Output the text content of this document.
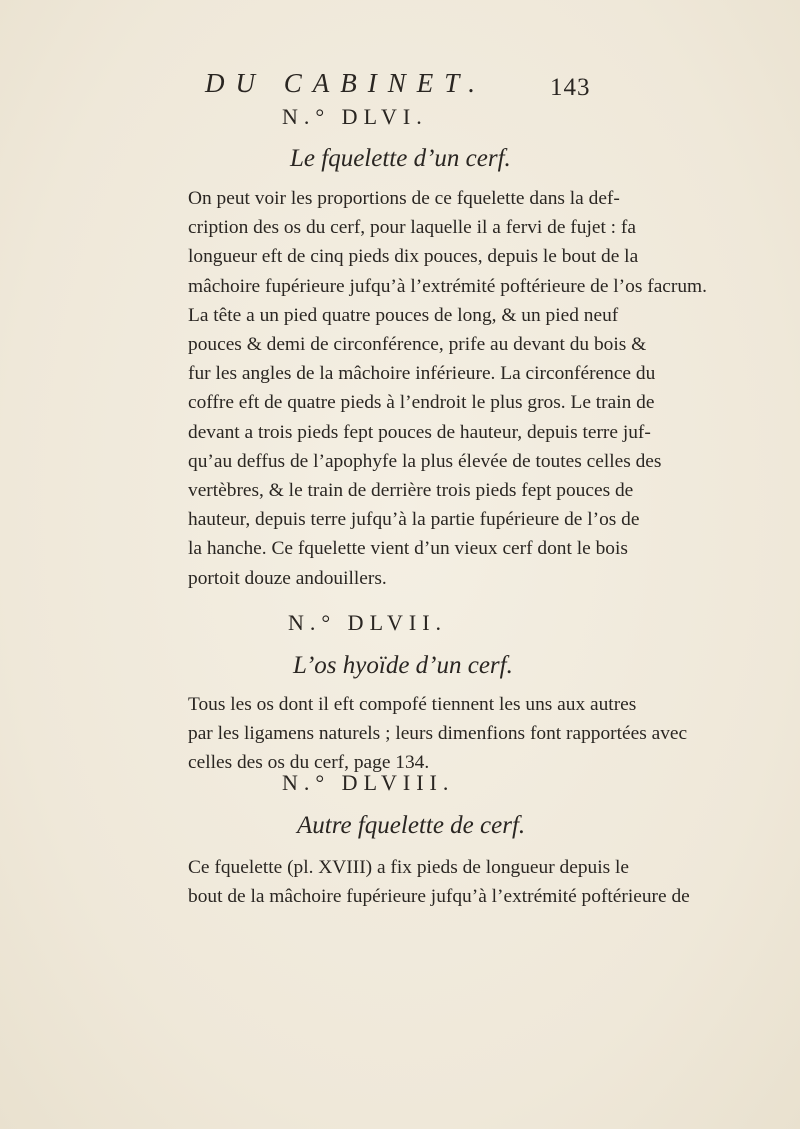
DU CABINET.	143
N.° DLVI.
Le fquelette d’un cerf.
On peut voir les proportions de ce fquelette dans la def-
cription des os du cerf, pour laquelle il a fervi de fujet : fa
longueur eft de cinq pieds dix pouces, depuis le bout de la
mâchoire fupérieure jufqu’à l’extrémité poftérieure de l’os facrum.
La tête a un pied quatre pouces de long, & un pied neuf
pouces & demi de circonférence, prife au devant du bois &
fur les angles de la mâchoire inférieure. La circonférence du
coffre eft de quatre pieds à l’endroit le plus gros. Le train de
devant a trois pieds fept pouces de hauteur, depuis terre juf-
qu’au deffus de l’apophyfe la plus élevée de toutes celles des
vertèbres, & le train de derrière trois pieds fept pouces de
hauteur, depuis terre jufqu’à la partie fupérieure de l’os de
la hanche. Ce fquelette vient d’un vieux cerf dont le bois
portoit douze andouillers.
N.° DLVII.
L’os hyoïde d’un cerf.
Tous les os dont il eft compofé tiennent les uns aux autres
par les ligamens naturels ; leurs dimenfions font rapportées avec
celles des os du cerf, page 134.
N.° DLVIII.
Autre fquelette de cerf.
Ce fquelette (pl. XVIII) a fix pieds de longueur depuis le
bout de la mâchoire fupérieure jufqu’à l’extrémité poftérieure de
